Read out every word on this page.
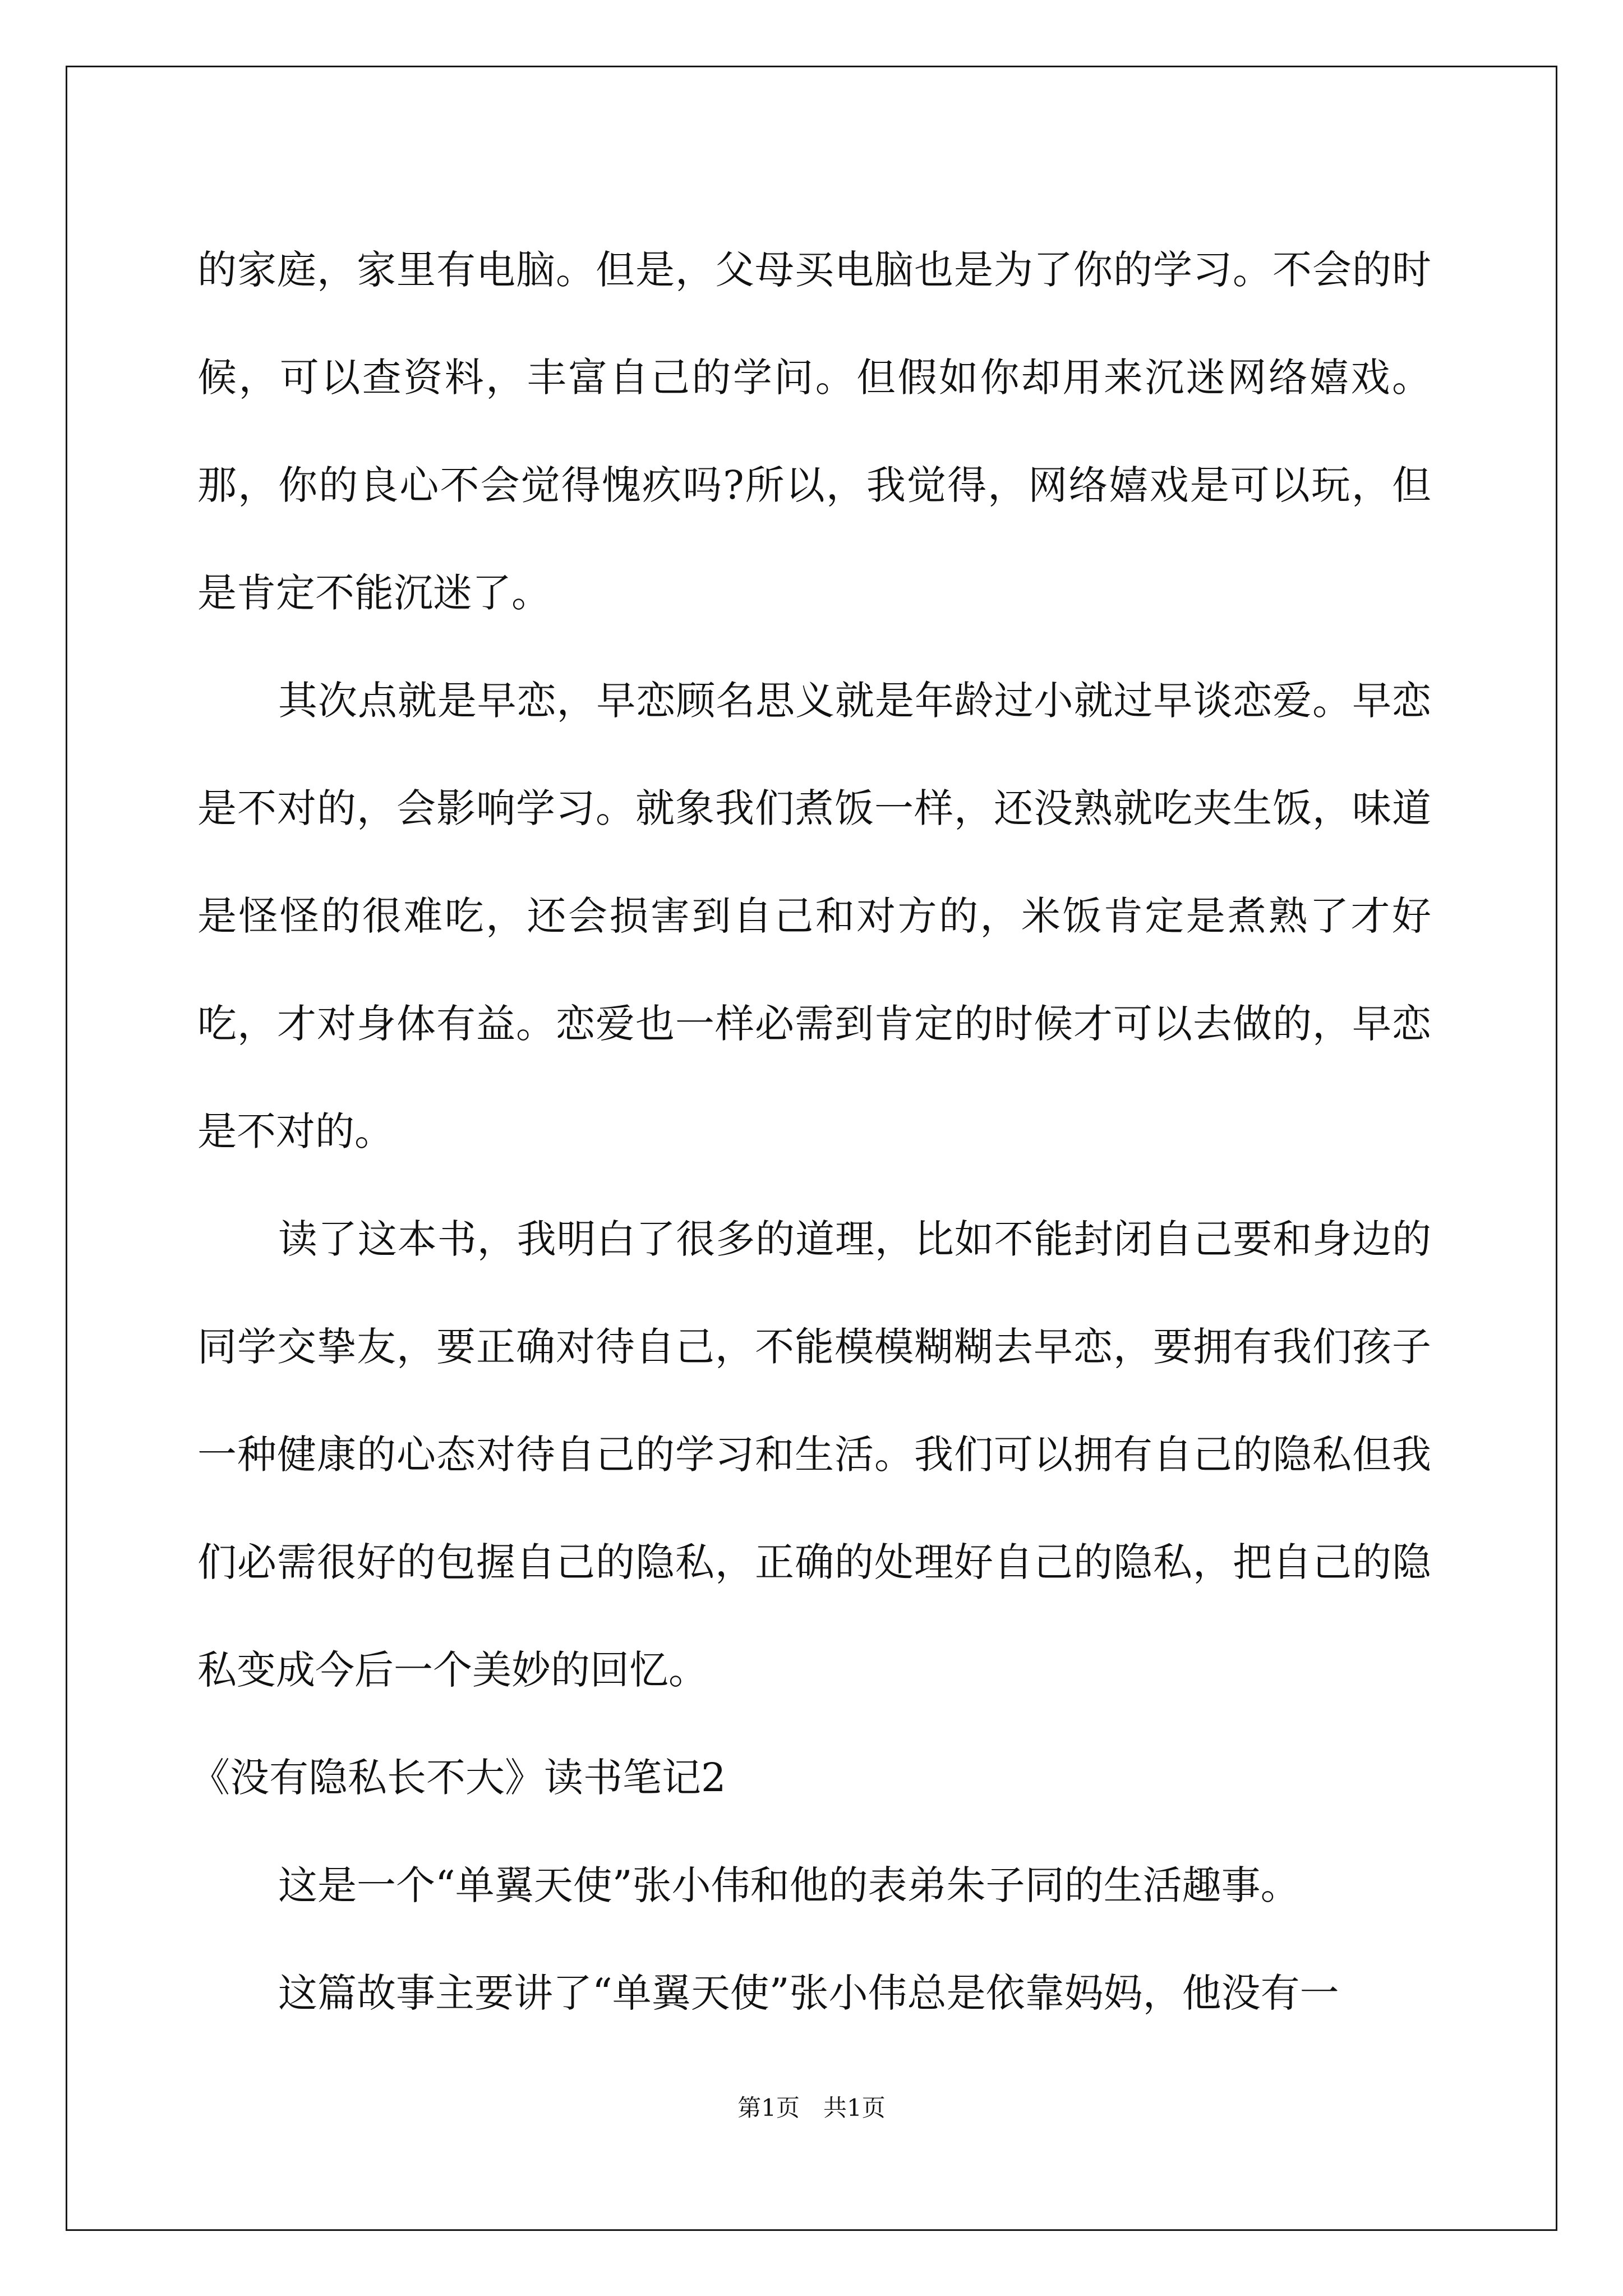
的家庭，家里有电脑。但是，父母买电脑也是为了你的学习。不会的时候，可以查资料，丰富自己的学问。但假如你却用来沉迷网络嬉戏。那，你的良心不会觉得愧疚吗?所以，我觉得，网络嬉戏是可以玩，但是肯定不能沉迷了。

其次点就是早恋，早恋顾名思义就是年龄过小就过早谈恋爱。早恋是不对的，会影响学习。就象我们煮饭一样，还没熟就吃夹生饭，味道是怪怪的很难吃，还会损害到自己和对方的，米饭肯定是煮熟了才好吃，才对身体有益。恋爱也一样必需到肯定的时候才可以去做的，早恋是不对的。

读了这本书，我明白了很多的道理，比如不能封闭自己要和身边的同学交挚友，要正确对待自己，不能模模糊糊去早恋，要拥有我们孩子一种健康的心态对待自己的学习和生活。我们可以拥有自己的隐私但我们必需很好的包握自己的隐私，正确的处理好自己的隐私，把自己的隐私变成今后一个美妙的回忆。

《没有隐私长不大》读书笔记2

这是一个“单翼天使”张小伟和他的表弟朱子同的生活趣事。

这篇故事主要讲了“单翼天使”张小伟总是依靠妈妈，他没有一

第1页　共1页
